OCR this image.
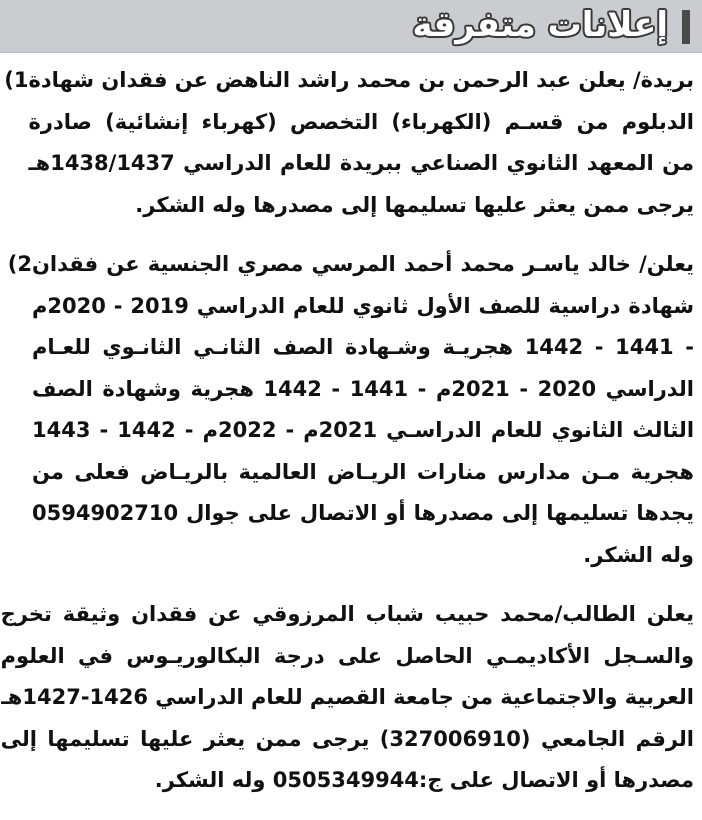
إعلانات متفرقة
بريدة/ يعلن عبد الرحمن بن محمد راشد الناهض عن فقدان شهادة
الدبلوم من قسـم (الكهرباء) التخصص (كهرباء إنشائية) صادرة
من المعهد الثانوي الصناعي ببريدة للعام الدراسي 1438/1437هـ
يرجى ممن يعثر عليها تسليمها إلى مصدرها وله الشكر.
1)
يعلن/ خالد ياسـر محمد أحمد المرسي مصري الجنسية عن فقدان
شهادة دراسية للصف الأول ثانوي للعام الدراسي 2019 - 2020م
- 1441 - 1442 هجريـة وشـهادة الصف الثانـي الثانـوي للعـام
الدراسي 2020 - 2021م - 1441 - 1442 هجرية وشهادة الصف
الثالث الثانوي للعام الدراسـي 2021م - 2022م - 1442 - 1443
هجرية مـن مدارس منارات الريـاض العالمية بالريـاض فعلى من
يجدها تسليمها إلى مصدرها أو الاتصال على جوال 0594902710
وله الشكر.
2)
يعلن الطالب/محمد حبيب شباب المرزوقي عن فقدان وثيقة تخرج
والسـجل الأكاديمـي الحاصل على درجة البكالوريـوس في العلوم
العربية والاجتماعية من جامعة القصيم للعام الدراسي 1426-1427هـ
الرقم الجامعي (327006910) يرجى ممن يعثر عليها تسليمها إلى
مصدرها أو الاتصال على ج:0505349944 وله الشكر.
